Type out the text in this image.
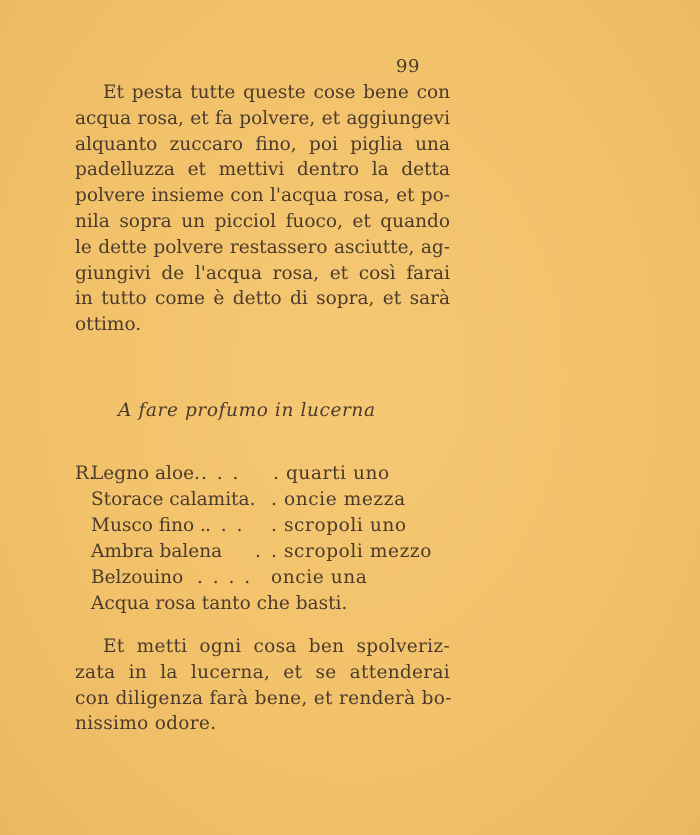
99
Et pesta tutte queste cose bene con
acqua rosa, et fa polvere, et aggiungevi
alquanto zuccaro fino, poi piglia una
padelluzza et mettivi dentro la detta
polvere insieme con l'acqua rosa, et po-
nila sopra un picciol fuoco, et quando
le dette polvere restassero asciutte, ag-
giungivi de l'acqua rosa, et così farai
in tutto come è detto di sopra, et sarà
ottimo.
A fare profumo in lucerna
R.
Legno aloe. . . . . quarti uno
Storace calamita. . oncie mezza
Musco fino . . . . . scropoli uno
Ambra balena . . scropoli mezzo
Belzouino . . . . oncie una
Acqua rosa tanto che basti.
Et metti ogni cosa ben spolveriz-
zata in la lucerna, et se attenderai
con diligenza farà bene, et renderà bo-
nissimo odore.
